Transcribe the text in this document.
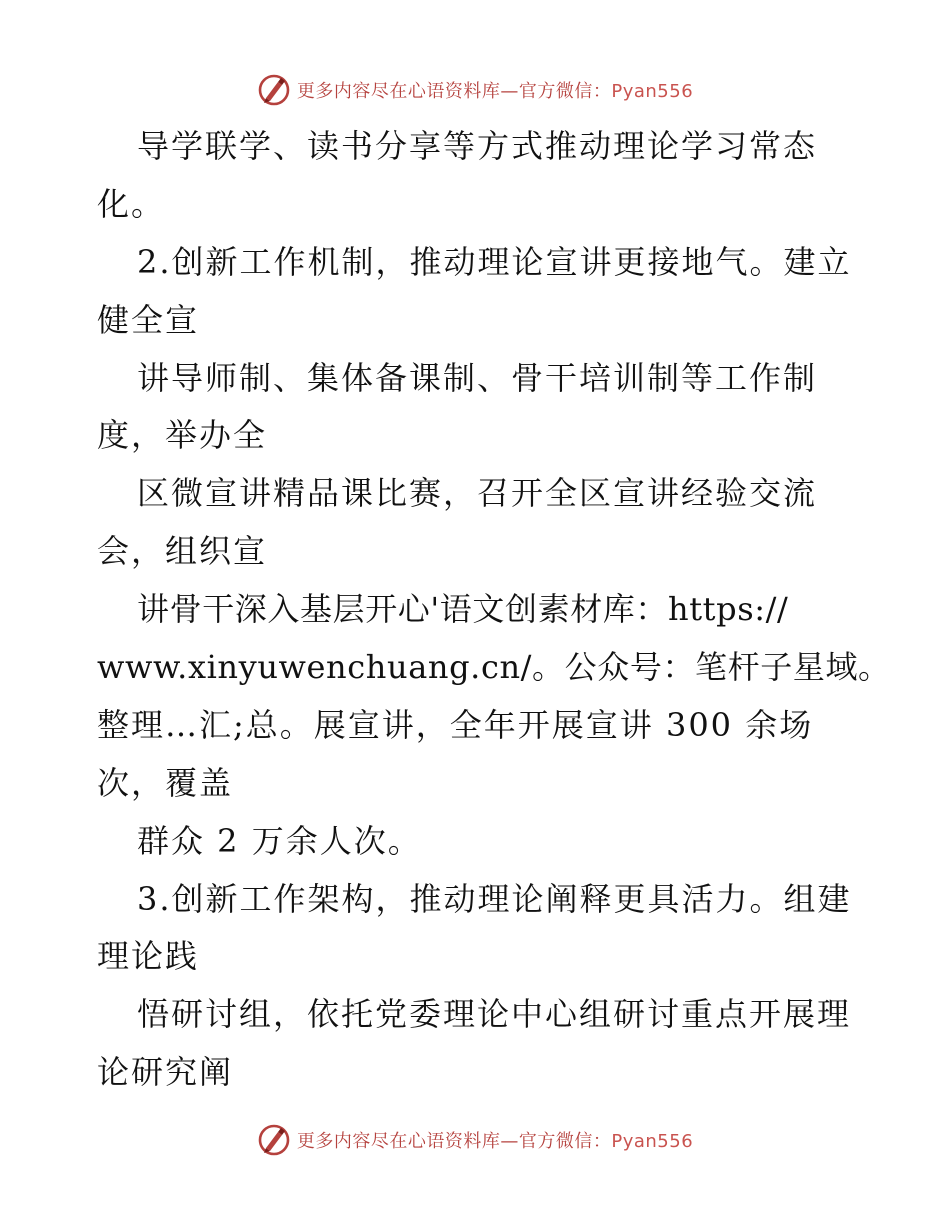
更多内容尽在心语资料库—官方微信：Pyan556
导学联学、读书分享等方式推动理论学习常态
化。
2.创新工作机制，推动理论宣讲更接地气。建立
健全宣
讲导师制、集体备课制、骨干培训制等工作制
度，举办全
区微宣讲精品课比赛，召开全区宣讲经验交流
会，组织宣
讲骨干深入基层开心'语文创素材库：https://
www.xinyuwenchuang.cn/。公众号：笔杆子星域。
整理…汇;总。展宣讲，全年开展宣讲 300 余场
次，覆盖
群众 2 万余人次。
3.创新工作架构，推动理论阐释更具活力。组建
理论践
悟研讨组，依托党委理论中心组研讨重点开展理
论研究阐
更多内容尽在心语资料库—官方微信：Pyan556
